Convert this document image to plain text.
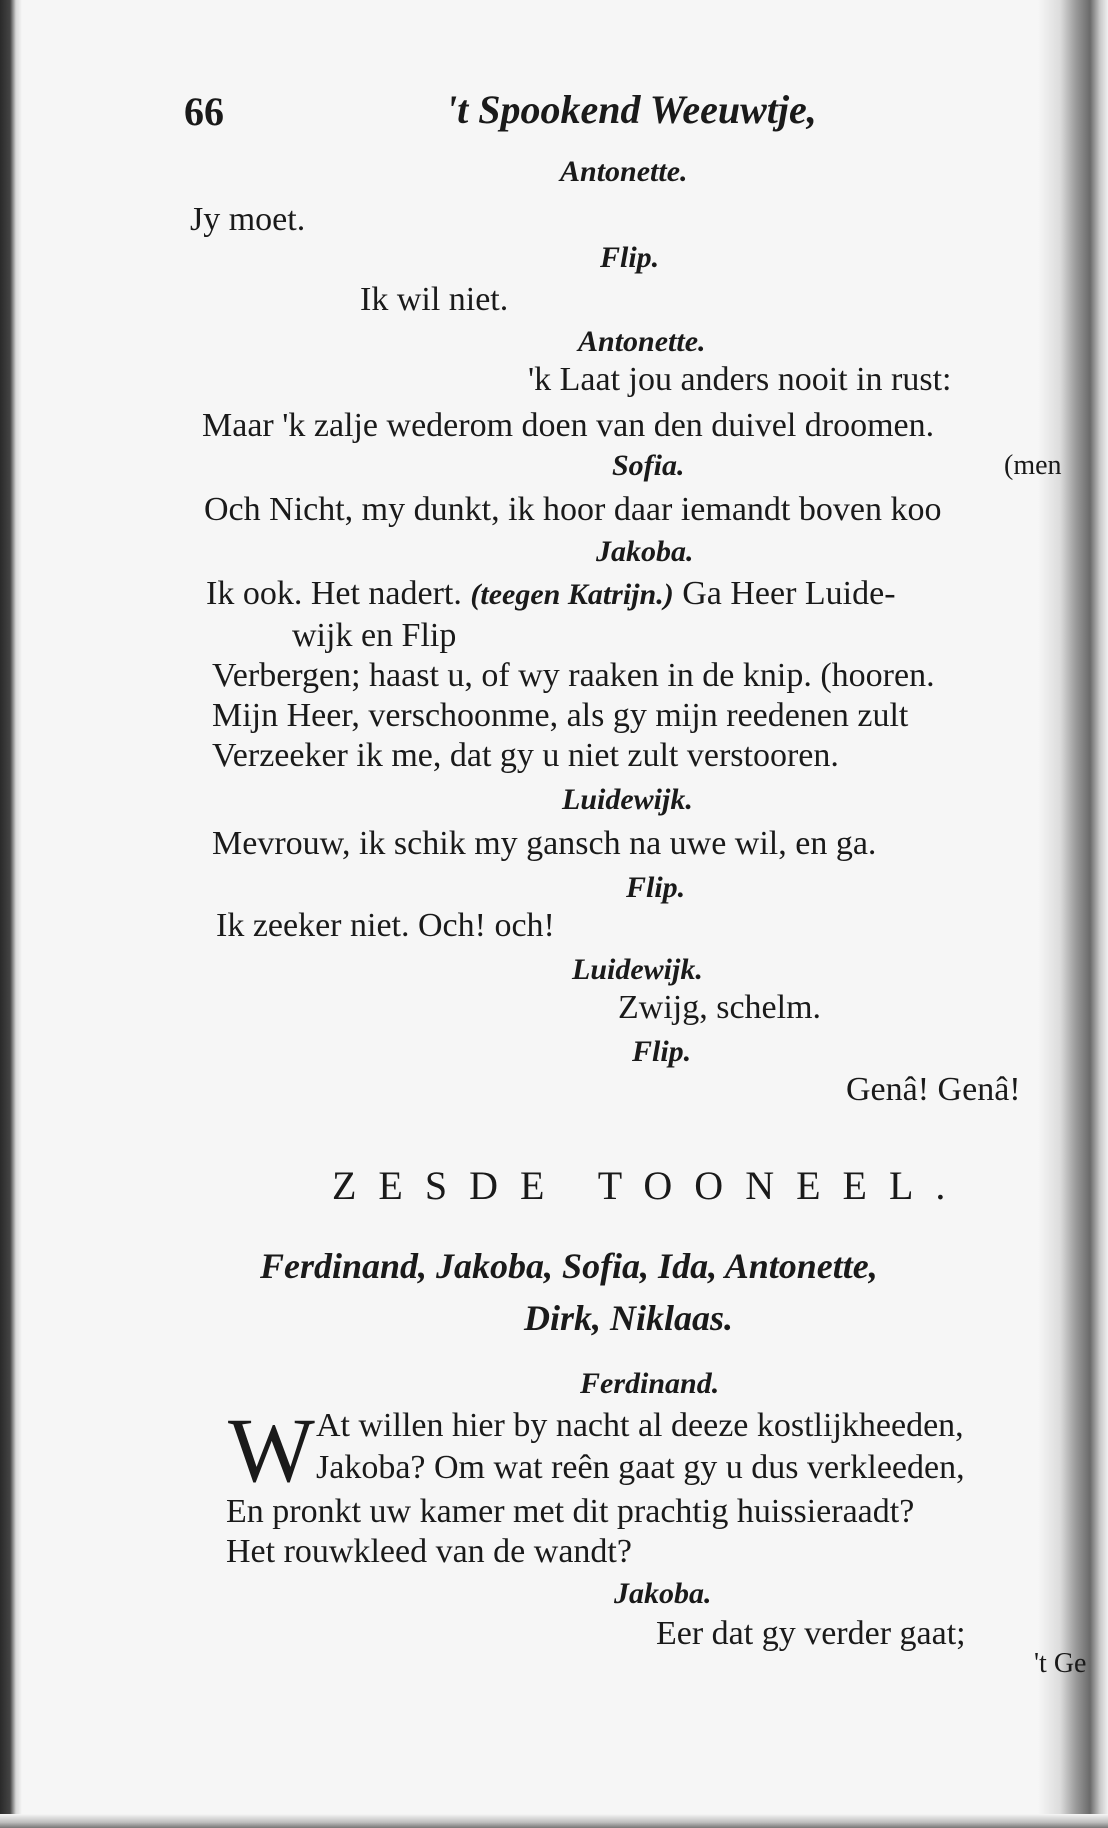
66	't Spookend Weeuwtje,
Antonette.
Jy moet.
Flip.
Ik wil niet.
Antonette.
'k Laat jou anders nooit in rust:
Maar 'k zalje wederom doen van den duivel droomen.
Sofia.	(men
Och Nicht, my dunkt, ik hoor daar iemandt boven koo
Jakoba.
Ik ook. Het nadert. (teegen Katrijn.) Ga Heer Luide-
wijk en Flip
Verbergen; haast u, of wy raaken in de knip. (hooren.
Mijn Heer, verschoonme, als gy mijn reedenen zult
Verzeeker ik me, dat gy u niet zult verstooren.
Luidewijk.
Mevrouw, ik schik my gansch na uwe wil, en ga.
Flip.
Ik zeeker niet. Och! och!
Luidewijk.
Zwijg, schelm.
Flip.
Genâ! Genâ!
ZESDE TOONEEL.
Ferdinand, Jakoba, Sofia, Ida, Antonette,
Dirk, Niklaas.
Ferdinand.
W At willen hier by nacht al deeze kostlijkheeden,
Jakoba? Om wat reên gaat gy u dus verkleeden,
En pronkt uw kamer met dit prachtig huissieraadt?
Het rouwkleed van de wandt?
Jakoba.
Eer dat gy verder gaat;
't Ge
